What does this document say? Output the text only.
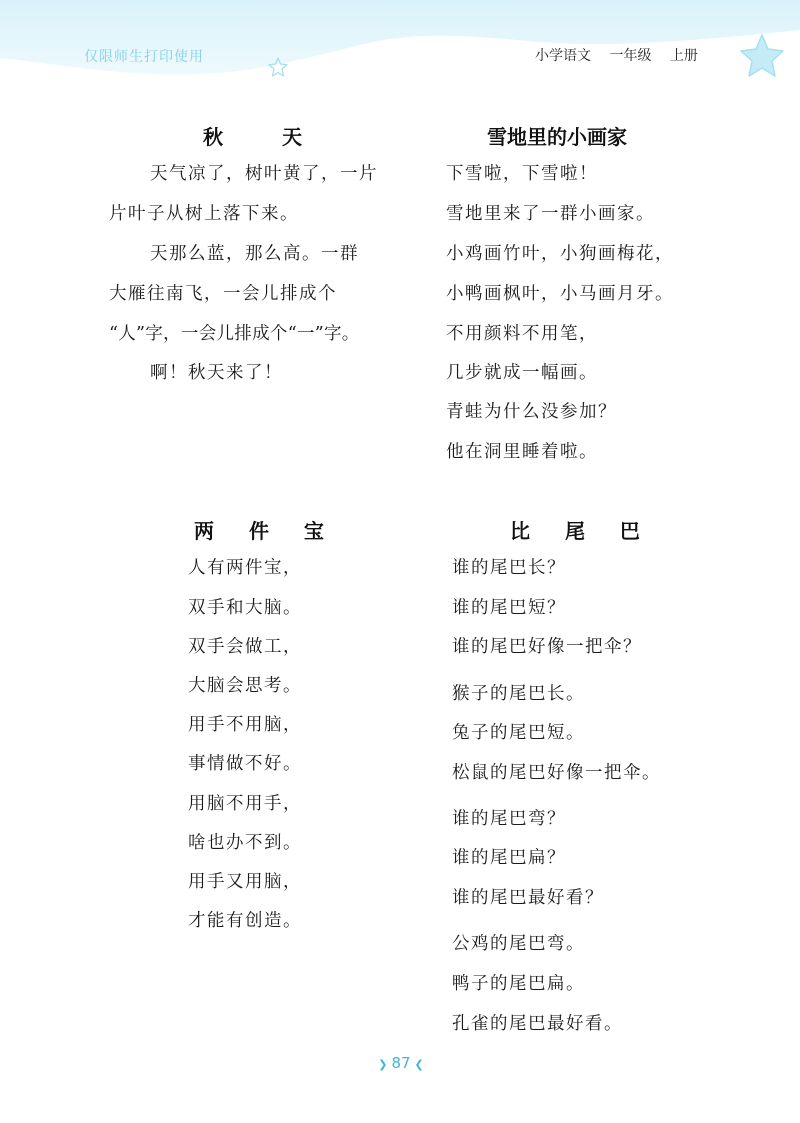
仅限师生打印使用	小学语文 一年级 上册
秋 天

天气凉了，树叶黄了，一片

片叶子从树上落下来。

天那么蓝，那么高。一群

大雁往南飞，一会儿排成个

“人”字，一会儿排成个“一”字。

啊！秋天来了！

雪地里的小画家

下雪啦，下雪啦！

雪地里来了一群小画家。

小鸡画竹叶，小狗画梅花，

小鸭画枫叶，小马画月牙。

不用颜料不用笔，

几步就成一幅画。

青蛙为什么没参加？

他在洞里睡着啦。

两 件 宝

人有两件宝，

双手和大脑。

双手会做工，

大脑会思考。

用手不用脑，

事情做不好。

用脑不用手，

啥也办不到。

用手又用脑，

才能有创造。

比 尾 巴

谁的尾巴长？

谁的尾巴短？

谁的尾巴好像一把伞？

猴子的尾巴长。

兔子的尾巴短。

松鼠的尾巴好像一把伞。

谁的尾巴弯？

谁的尾巴扁？

谁的尾巴最好看？

公鸡的尾巴弯。

鸭子的尾巴扁。

孔雀的尾巴最好看。

❯ 87 ❮
